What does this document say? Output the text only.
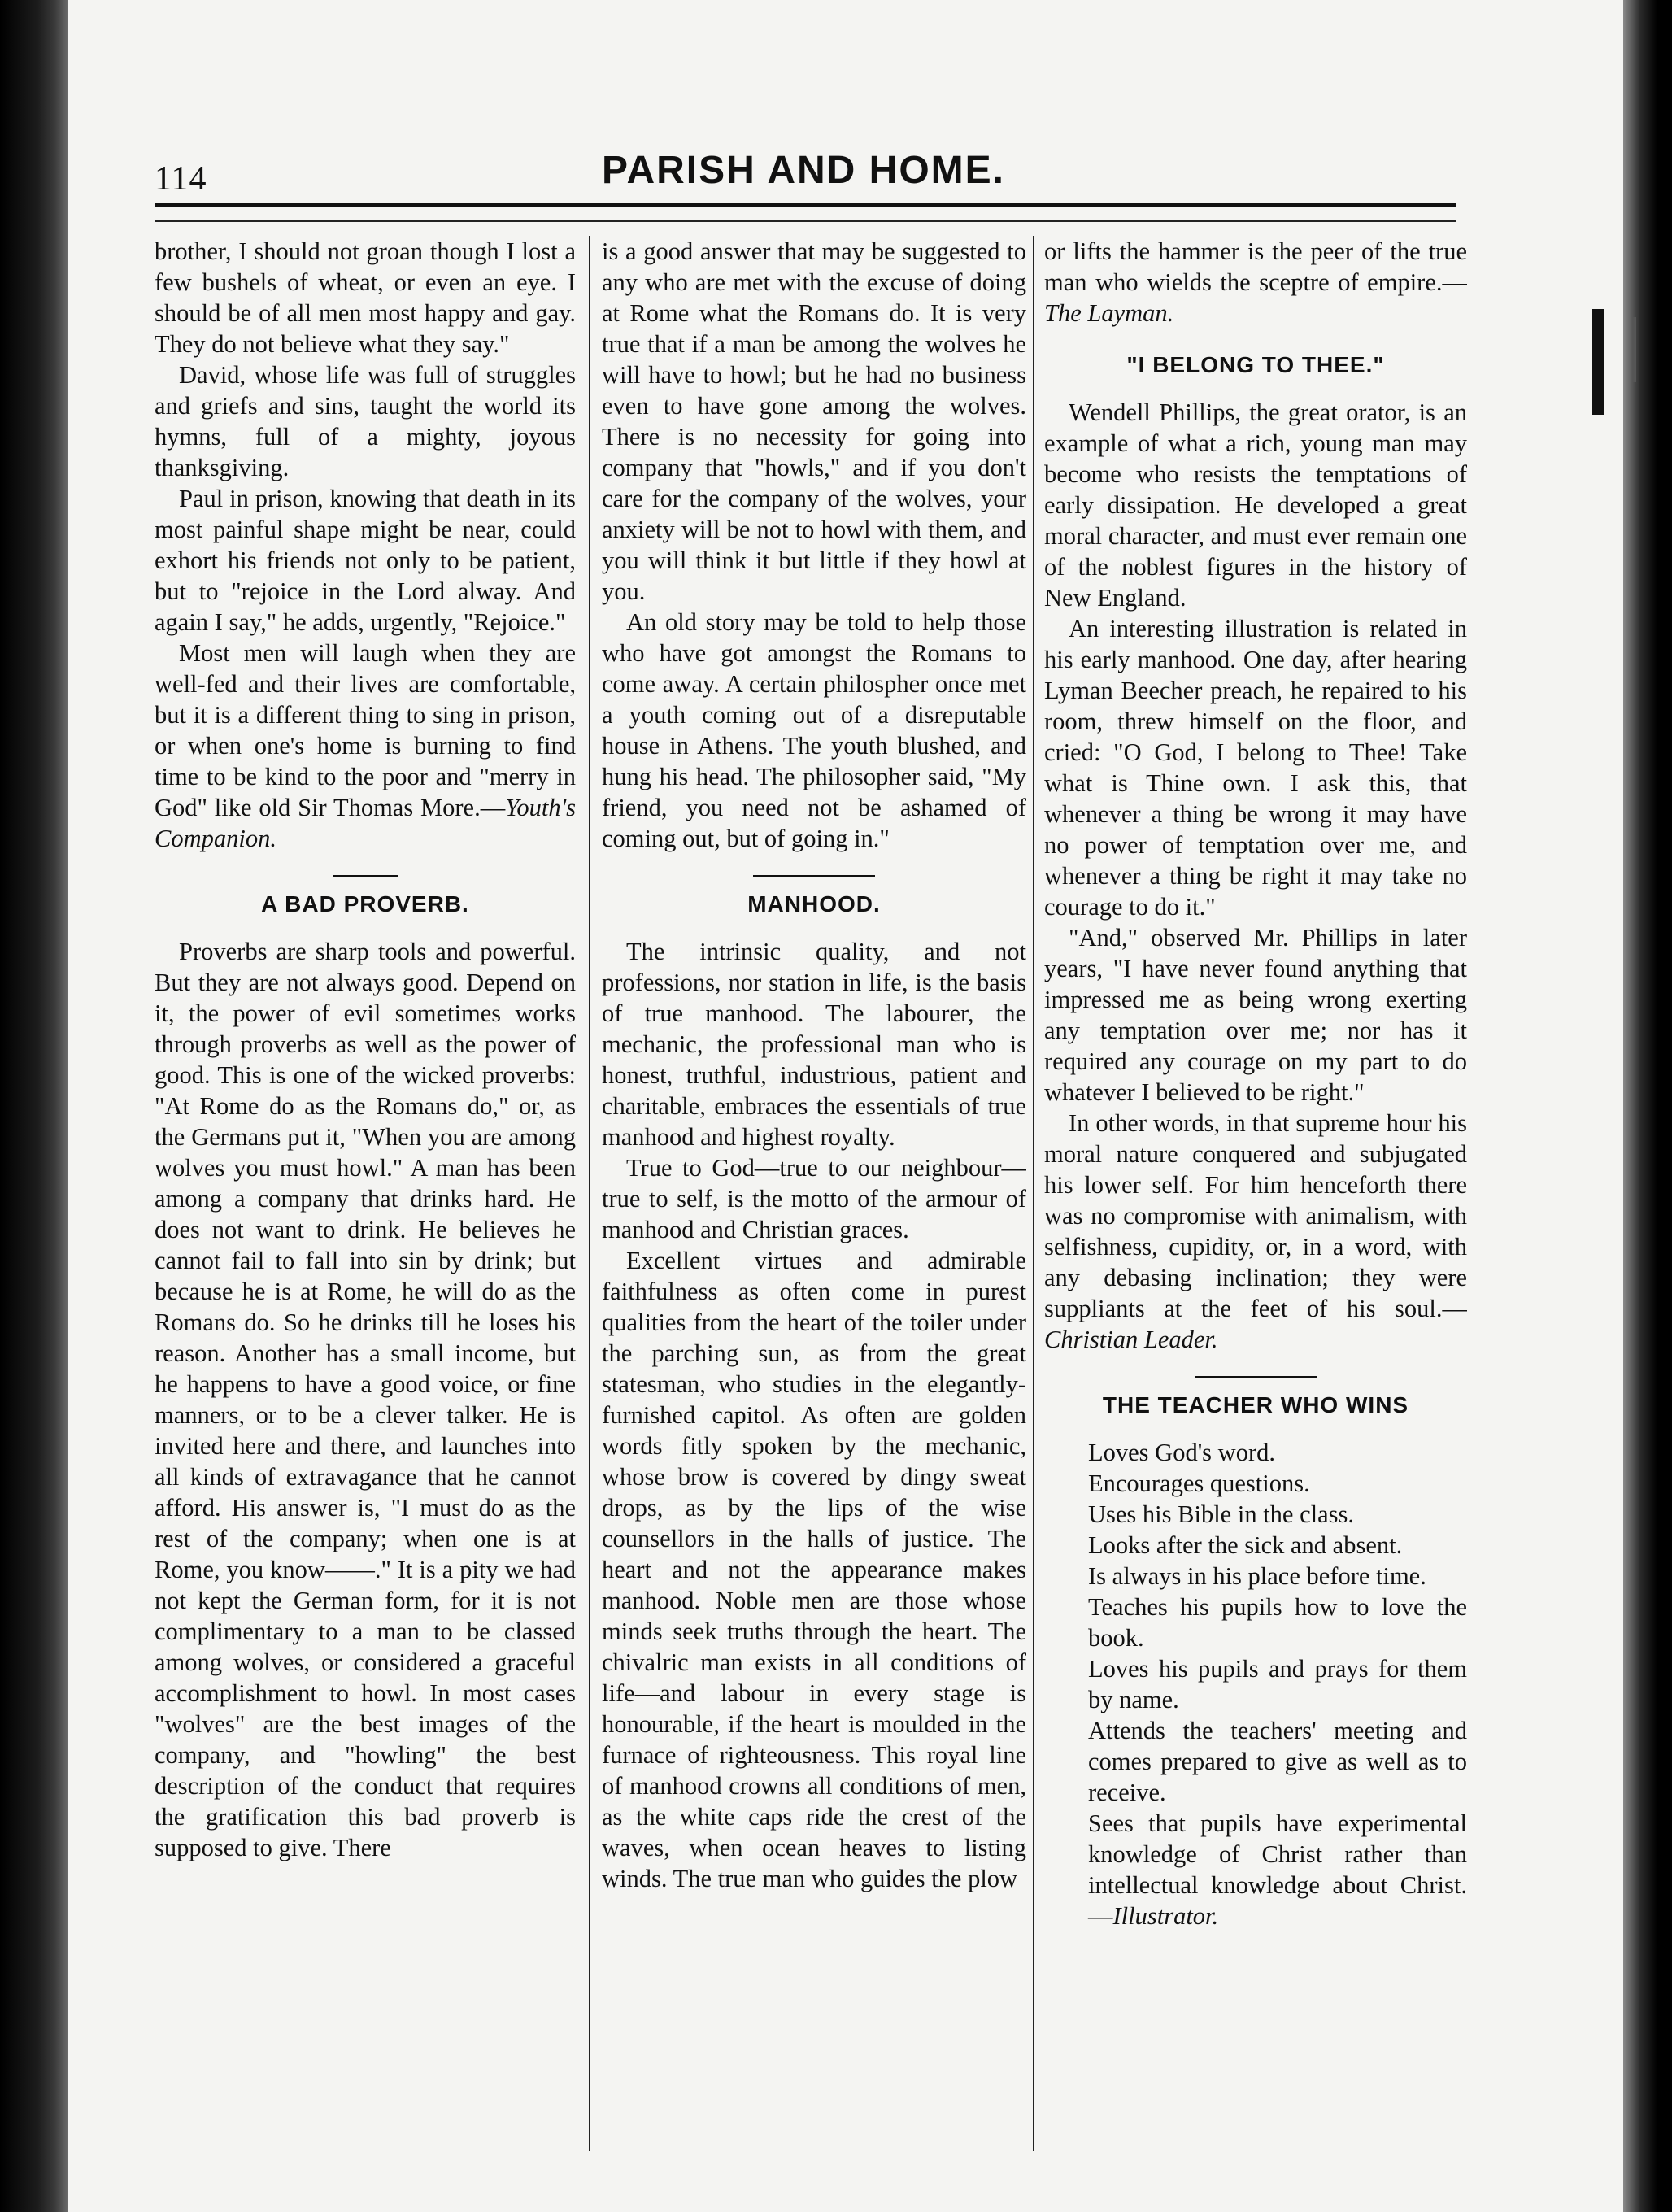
114	PARISH AND HOME.

brother, I should not groan though I lost a few bushels of wheat, or even an eye. I should be of all men most happy and gay. They do not believe what they say."

David, whose life was full of struggles and griefs and sins, taught the world its hymns, full of a mighty, joyous thanksgiving.

Paul in prison, knowing that death in its most painful shape might be near, could exhort his friends not only to be patient, but to "rejoice in the Lord alway. And again I say," he adds, urgently, "Rejoice."

Most men will laugh when they are well-fed and their lives are comfortable, but it is a different thing to sing in prison, or when one's home is burning to find time to be kind to the poor and "merry in God" like old Sir Thomas More.—Youth's Companion.

A BAD PROVERB.

Proverbs are sharp tools and powerful. But they are not always good. Depend on it, the power of evil sometimes works through proverbs as well as the power of good. This is one of the wicked proverbs: "At Rome do as the Romans do," or, as the Germans put it, "When you are among wolves you must howl." A man has been among a company that drinks hard. He does not want to drink. He believes he cannot fail to fall into sin by drink; but because he is at Rome, he will do as the Romans do. So he drinks till he loses his reason. Another has a small income, but he happens to have a good voice, or fine manners, or to be a clever talker. He is invited here and there, and launches into all kinds of extravagance that he cannot afford. His answer is, "I must do as the rest of the company; when one is at Rome, you know——." It is a pity we had not kept the German form, for it is not complimentary to a man to be classed among wolves, or considered a graceful accomplishment to howl. In most cases "wolves" are the best images of the company, and "howling" the best description of the conduct that requires the gratification this bad proverb is supposed to give. There

is a good answer that may be suggested to any who are met with the excuse of doing at Rome what the Romans do. It is very true that if a man be among the wolves he will have to howl; but he had no business even to have gone among the wolves. There is no necessity for going into company that "howls," and if you don't care for the company of the wolves, your anxiety will be not to howl with them, and you will think it but little if they howl at you.

An old story may be told to help those who have got amongst the Romans to come away. A certain philospher once met a youth coming out of a disreputable house in Athens. The youth blushed, and hung his head. The philosopher said, "My friend, you need not be ashamed of coming out, but of going in."

MANHOOD.

The intrinsic quality, and not professions, nor station in life, is the basis of true manhood. The labourer, the mechanic, the professional man who is honest, truthful, industrious, patient and charitable, embraces the essentials of true manhood and highest royalty.

True to God—true to our neighbour—true to self, is the motto of the armour of manhood and Christian graces.

Excellent virtues and admirable faithfulness as often come in purest qualities from the heart of the toiler under the parching sun, as from the great statesman, who studies in the elegantly-furnished capitol. As often are golden words fitly spoken by the mechanic, whose brow is covered by dingy sweat drops, as by the lips of the wise counsellors in the halls of justice. The heart and not the appearance makes manhood. Noble men are those whose minds seek truths through the heart. The chivalric man exists in all conditions of life—and labour in every stage is honourable, if the heart is moulded in the furnace of righteousness. This royal line of manhood crowns all conditions of men, as the white caps ride the crest of the waves, when ocean heaves to listing winds. The true man who guides the plow

or lifts the hammer is the peer of the true man who wields the sceptre of empire.—The Layman.

"I BELONG TO THEE."

Wendell Phillips, the great orator, is an example of what a rich, young man may become who resists the temptations of early dissipation. He developed a great moral character, and must ever remain one of the noblest figures in the history of New England.

An interesting illustration is related in his early manhood. One day, after hearing Lyman Beecher preach, he repaired to his room, threw himself on the floor, and cried: "O God, I belong to Thee! Take what is Thine own. I ask this, that whenever a thing be wrong it may have no power of temptation over me, and whenever a thing be right it may take no courage to do it."

"And," observed Mr. Phillips in later years, "I have never found anything that impressed me as being wrong exerting any temptation over me; nor has it required any courage on my part to do whatever I believed to be right."

In other words, in that supreme hour his moral nature conquered and subjugated his lower self. For him henceforth there was no compromise with animalism, with selfishness, cupidity, or, in a word, with any debasing inclination; they were suppliants at the feet of his soul.—Christian Leader.

THE TEACHER WHO WINS

Loves God's word.

Encourages questions.

Uses his Bible in the class.

Looks after the sick and absent.

Is always in his place before time.

Teaches his pupils how to love the book.

Loves his pupils and prays for them by name.

Attends the teachers' meeting and comes prepared to give as well as to receive.

Sees that pupils have experimental knowledge of Christ rather than intellectual knowledge about Christ.—Illustrator.
